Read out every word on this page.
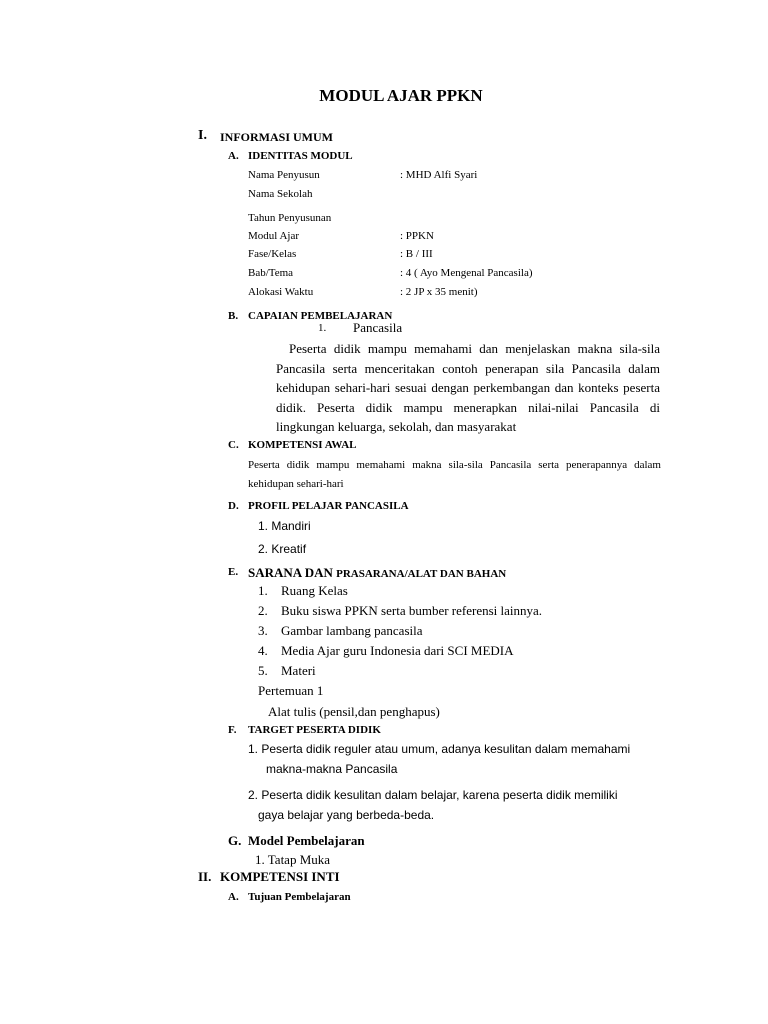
MODUL AJAR PPKN
I. INFORMASI UMUM
A. IDENTITAS MODUL
Nama Penyusun	: MHD Alfi Syari
Nama Sekolah
Tahun Penyusunan
Modul Ajar	: PPKN
Fase/Kelas	: B / III
Bab/Tema	: 4 ( Ayo Mengenal Pancasila)
Alokasi Waktu	: 2 JP x 35 menit)
B. CAPAIAN PEMBELAJARAN
1. Pancasila
Peserta didik mampu memahami dan menjelaskan makna sila-sila Pancasila serta menceritakan contoh penerapan sila Pancasila dalam kehidupan sehari-hari sesuai dengan perkembangan dan konteks peserta didik. Peserta didik mampu menerapkan nilai-nilai Pancasila di lingkungan keluarga, sekolah, dan masyarakat
C. KOMPETENSI AWAL
Peserta didik mampu memahami makna sila-sila Pancasila serta penerapannya dalam kehidupan sehari-hari
D. PROFIL PELAJAR PANCASILA
1. Mandiri
2. Kreatif
E. SARANA DAN PRASARANA/ALAT DAN BAHAN
1. Ruang Kelas
2. Buku siswa PPKN serta bumber referensi lainnya.
3. Gambar lambang pancasila
4. Media Ajar guru Indonesia dari SCI MEDIA
5. Materi
Pertemuan 1
Alat tulis (pensil,dan penghapus)
F. TARGET PESERTA DIDIK
1. Peserta didik reguler atau umum, adanya kesulitan dalam memahami
makna-makna Pancasila
2. Peserta didik kesulitan dalam belajar, karena peserta didik memiliki
gaya belajar yang berbeda-beda.
G. Model Pembelajaran
1. Tatap Muka
II. KOMPETENSI INTI
A. Tujuan Pembelajaran
